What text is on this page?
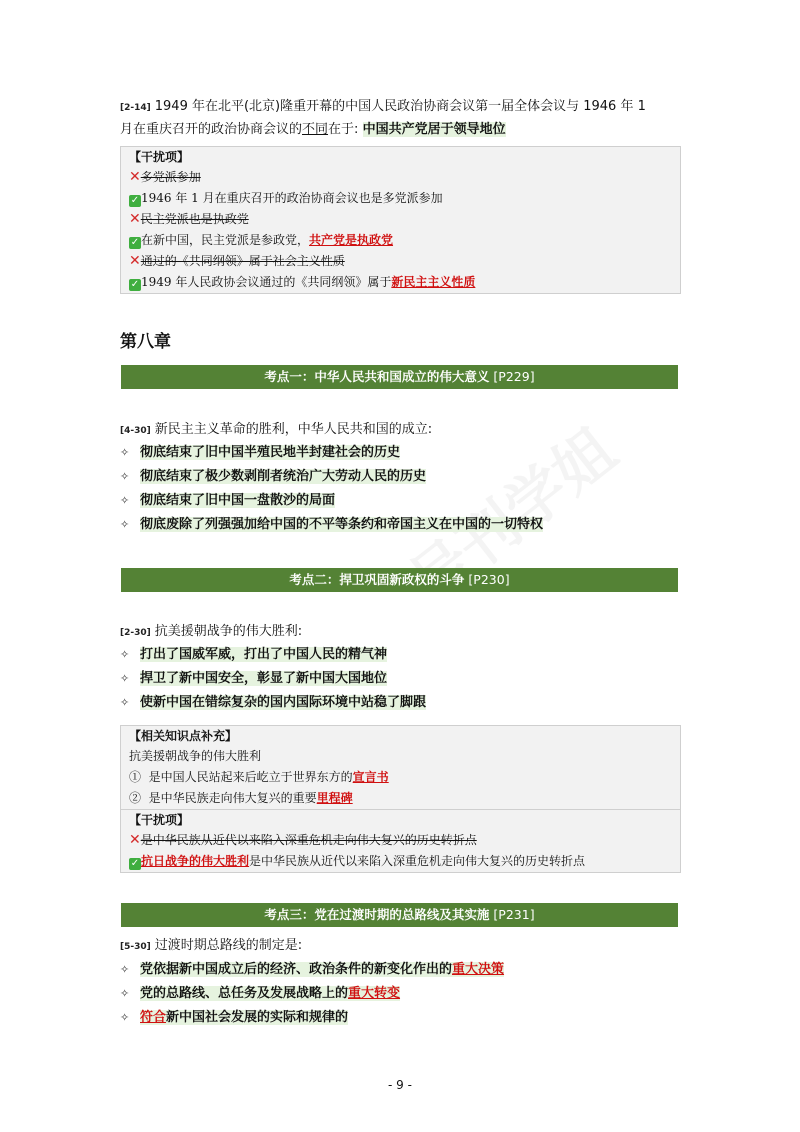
[2-14] 1949 年在北平(北京)隆重开幕的中国人民政治协商会议第一届全体会议与 1946 年 1
月在重庆召开的政治协商会议的不同在于: 中国共产党居于领导地位
【干扰项】
✕多党派参加
✓ 1946 年 1 月在重庆召开的政治协商会议也是多党派参加
✕民主党派也是执政党
✓ 在新中国，民主党派是参政党，共产党是执政党
✕通过的《共同纲领》属于社会主义性质
✓ 1949 年人民政协会议通过的《共同纲领》属于新民主主义性质
第八章
考点一：中华人民共和国成立的伟大意义 [P229]
[4-30] 新民主主义革命的胜利，中华人民共和国的成立:
✧ 彻底结束了旧中国半殖民地半封建社会的历史
✧ 彻底结束了极少数剥削者统治广大劳动人民的历史
✧ 彻底结束了旧中国一盘散沙的局面
✧ 彻底废除了列强强加给中国的不平等条约和帝国主义在中国的一切特权
考点二：捍卫巩固新政权的斗争 [P230]
[2-30] 抗美援朝战争的伟大胜利:
✧ 打出了国威军威，打出了中国人民的精气神
✧ 捍卫了新中国安全，彰显了新中国大国地位
✧ 使新中国在错综复杂的国内国际环境中站稳了脚跟
【相关知识点补充】
抗美援朝战争的伟大胜利
① 是中国人民站起来后屹立于世界东方的宣言书
② 是中华民族走向伟大复兴的重要里程碑
【干扰项】
✕是中华民族从近代以来陷入深重危机走向伟大复兴的历史转折点
✓ 抗日战争的伟大胜利是中华民族从近代以来陷入深重危机走向伟大复兴的历史转折点
考点三：党在过渡时期的总路线及其实施 [P231]
[5-30] 过渡时期总路线的制定是:
✧ 党依据新中国成立后的经济、政治条件的新变化作出的重大决策
✧ 党的总路线、总任务及发展战略上的重大转变
✧ 符合新中国社会发展的实际和规律的
- 9 -
